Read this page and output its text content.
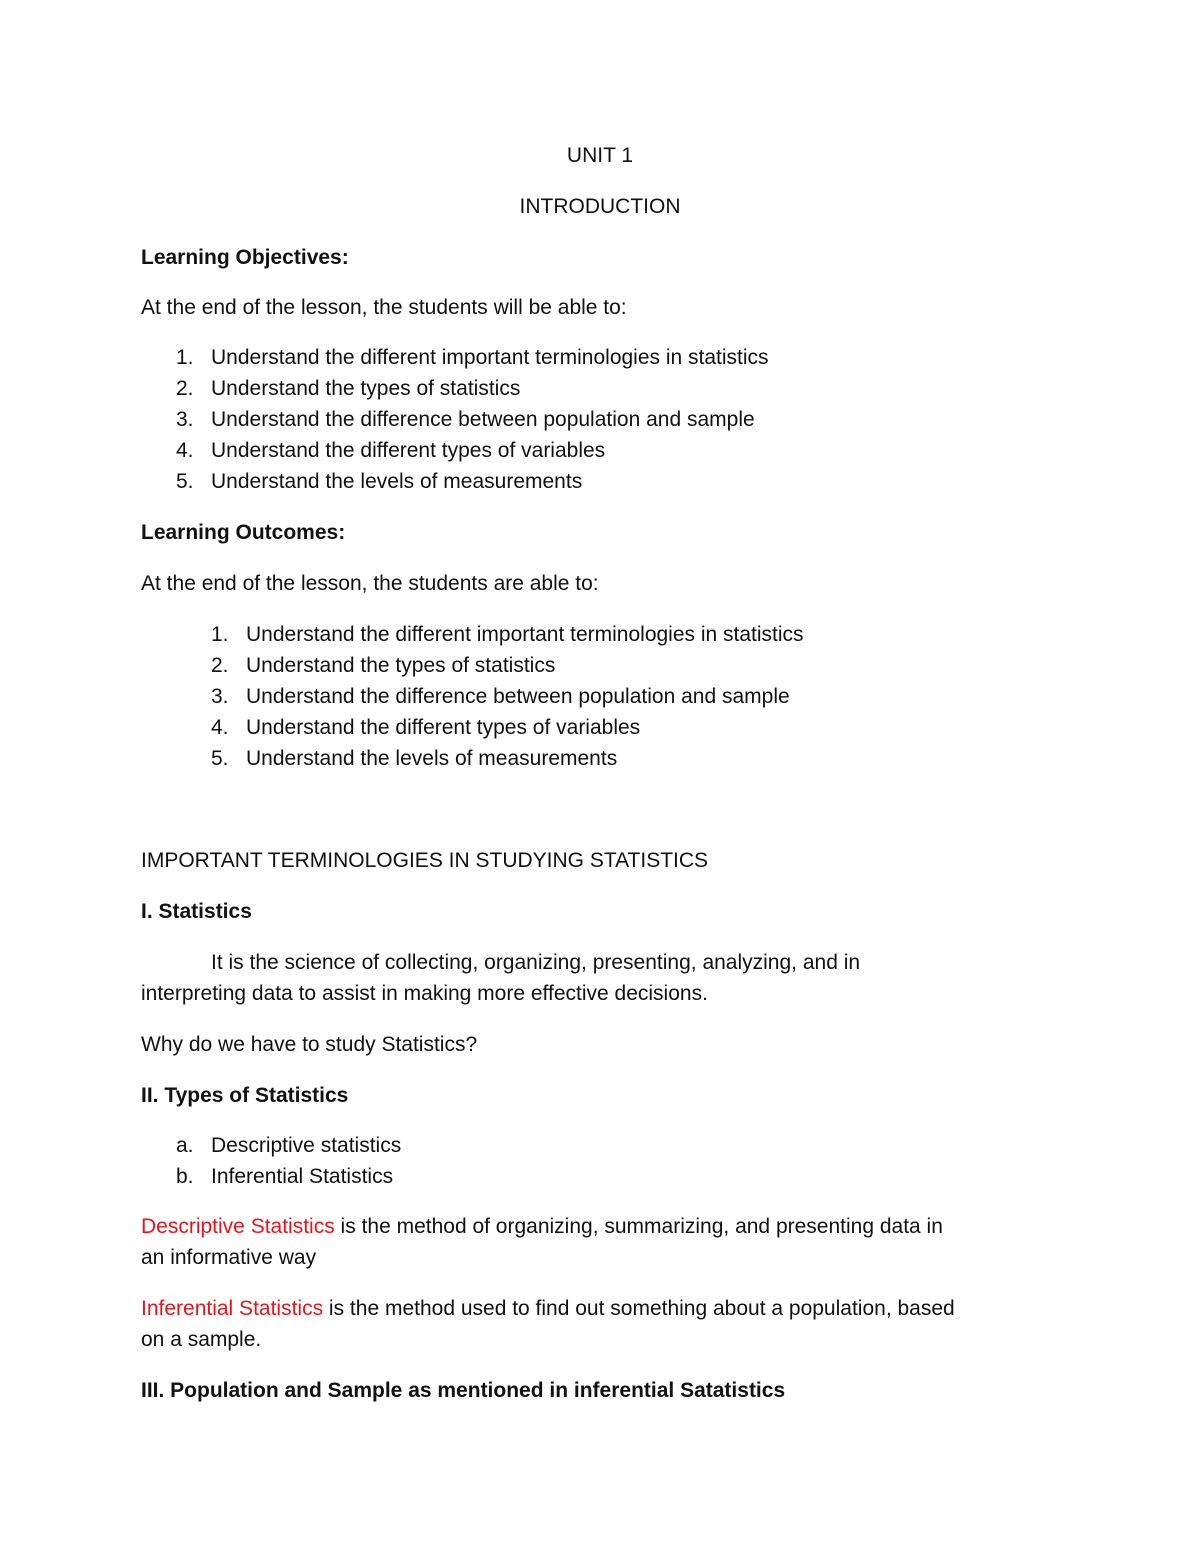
UNIT 1
INTRODUCTION
Learning Objectives:
At the end of the lesson, the students will be able to:
1. Understand the different important terminologies in statistics
2. Understand the types of statistics
3. Understand the difference between population and sample
4. Understand the different types of variables
5. Understand the levels of measurements
Learning Outcomes:
At the end of the lesson, the students are able to:
1. Understand the different important terminologies in statistics
2. Understand the types of statistics
3. Understand the difference between population and sample
4. Understand the different types of variables
5. Understand the levels of measurements
IMPORTANT TERMINOLOGIES IN STUDYING STATISTICS
I. Statistics
It is the science of collecting, organizing, presenting, analyzing, and in
interpreting data to assist in making more effective decisions.
Why do we have to study Statistics?
II. Types of Statistics
a. Descriptive statistics
b. Inferential Statistics
Descriptive Statistics is the method of organizing, summarizing, and presenting data in
an informative way
Inferential Statistics is the method used to find out something about a population, based
on a sample.
III. Population and Sample as mentioned in inferential Satatistics
